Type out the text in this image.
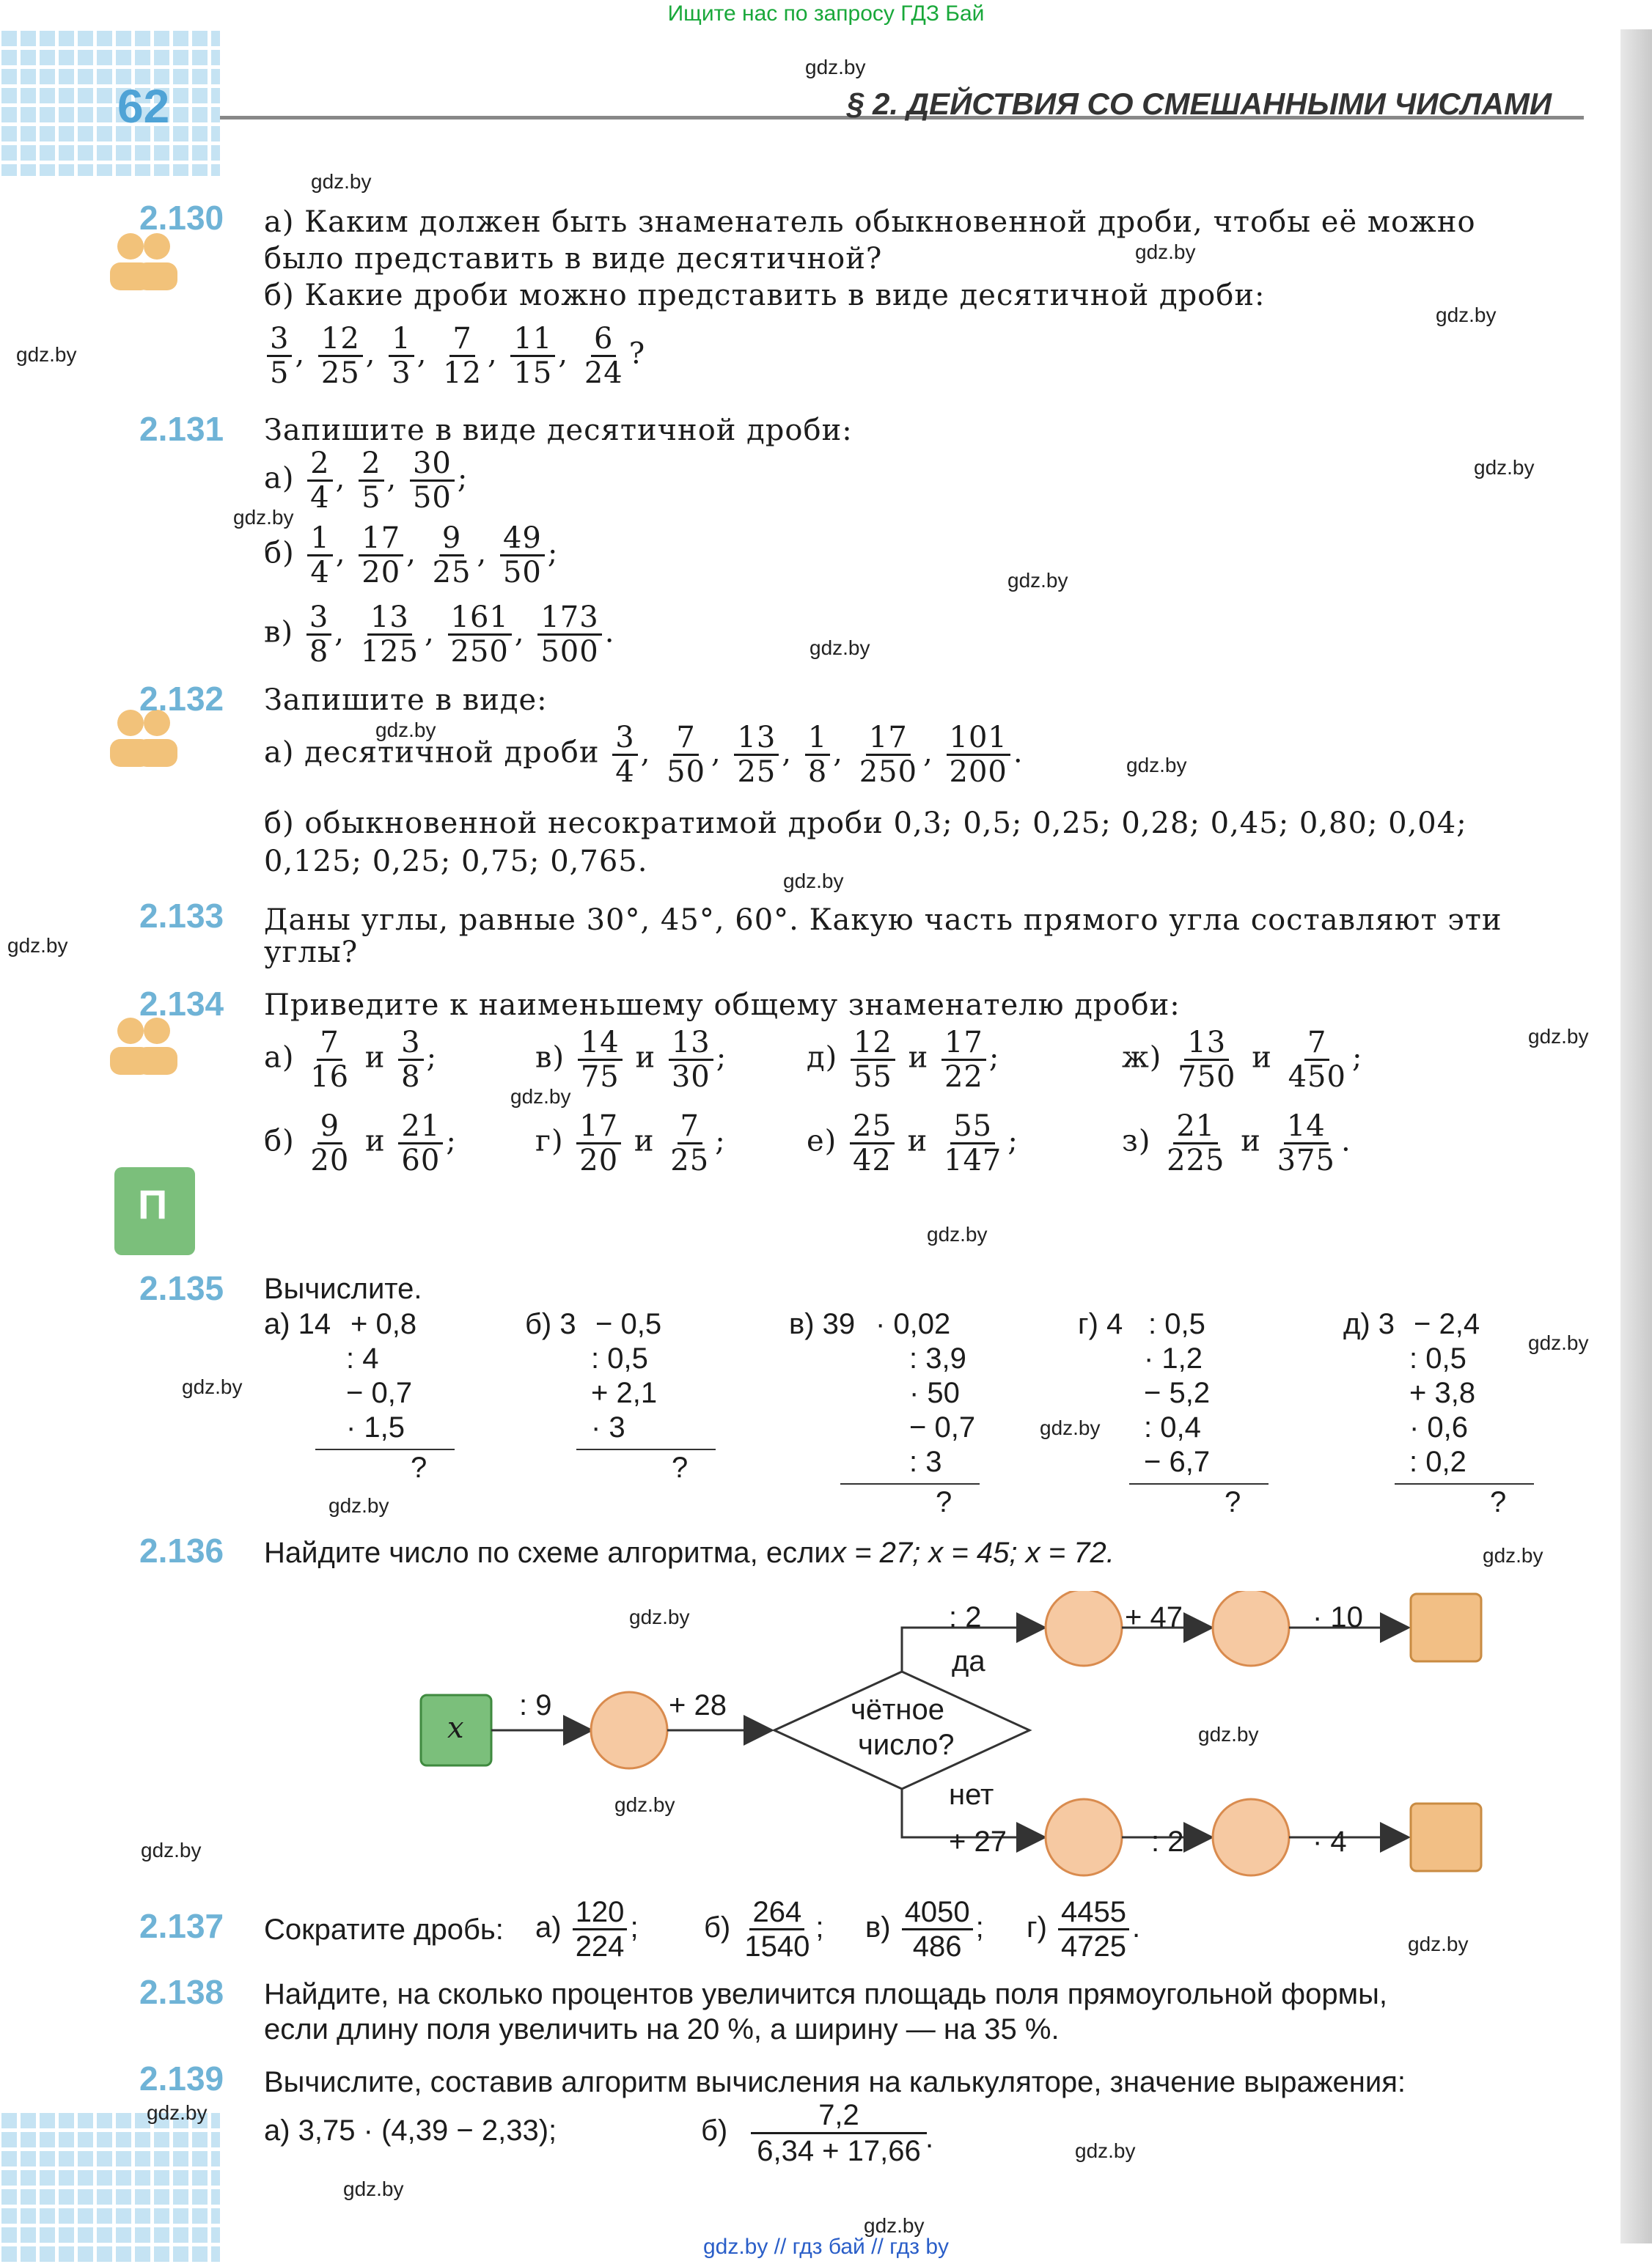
Ищите нас по запросу ГДЗ Бай
gdz.by // гдз бай // гдз by
62	§ 2. ДЕЙСТВИЯ СО СМЕШАННЫМИ ЧИСЛАМИ
gdz.by
gdz.by
gdz.by
gdz.by
gdz.by
gdz.by
gdz.by
gdz.by
gdz.by
gdz.by
gdz.by
gdz.by
gdz.by
gdz.by
gdz.by
gdz.by
gdz.by
gdz.by
gdz.by
gdz.by
gdz.by
gdz.by
gdz.by
gdz.by
gdz.by
gdz.by
gdz.by
gdz.by
gdz.by
gdz.by
П
2.130 а) Каким должен быть знаменатель обыкновенной дроби, чтобы её можно
было представить в виде десятичной?
б) Какие дроби можно представить в виде десятичной дроби:
$\frac{3}{5}$ , $\frac{12}{25}$ , $\frac{1}{3}$ , $\frac{7}{12}$ , $\frac{11}{15}$ , $\frac{6}{24}$ ?
2.131 Запишите в виде десятичной дроби:
$а) \frac{2}{4}$ , $\frac{2}{5}$ , $\frac{30}{50}$ ;
$б) \frac{1}{4}$ , $\frac{17}{20}$ , $\frac{9}{25}$ , $\frac{49}{50}$ ;
$в) \frac{3}{8}$ , $\frac{13}{125}$ , $\frac{161}{250}$ , $\frac{173}{500}$ .
2.132 Запишите в виде:
а) десятичной дроби $\frac{3}{4}$ , $\frac{7}{50}$ , $\frac{13}{25}$ , $\frac{1}{8}$ , $\frac{17}{250}$ , $\frac{101}{200}$ .
б) обыкновенной несократимой дроби 0,3; 0,5; 0,25; 0,28; 0,45; 0,80; 0,04;
0,125; 0,25; 0,75; 0,765.
2.133 Даны углы, равные 30°, 45°, 60°. Какую часть прямого угла составляют эти
углы?
2.134 Приведите к наименьшему общему знаменателю дроби:
$а) \frac{7}{16}$ и $\frac{3}{8}$ ;	$в) \frac{14}{75}$ и $\frac{13}{30}$ ;	$д) \frac{12}{55}$ и $\frac{17}{22}$ ;	$ж) \frac{13}{750}$ и $\frac{7}{450}$ ;
$б) \frac{9}{20}$ и $\frac{21}{60}$ ;	$г) \frac{17}{20}$ и $\frac{7}{25}$ ;	$е) \frac{25}{42}$ и $\frac{55}{147}$ ;	$з) \frac{21}{225}$ и $\frac{14}{375}$ .
2.135 Вычислите.
а) 14 + 0,8
: 4
− 0,7
· 1,5
?
б) 3 − 0,5
: 0,5
+ 2,1
· 3
?
в) 39 · 0,02
: 3,9
· 50
− 0,7
: 3
?
г) 4 : 0,5
· 1,2
− 5,2
: 0,4
− 6,7
?
д) 3 − 2,4
: 0,5
+ 3,8
· 0,6
: 0,2
?
2.136 Найдите число по схеме алгоритма, если x = 27; x = 45; x = 72.
x
: 9	+ 28	чётное
число?
да
нет
: 2	+ 47	· 10
+ 27	: 2	· 4
2.137 Сократите дробь: $а) \frac{120}{224}$ ; $б) \frac{264}{1540}$ ; $в) \frac{4050}{486}$ ; $г) \frac{4455}{4725}$ .
2.138 Найдите, на сколько процентов увеличится площадь поля прямоугольной формы,
если длину поля увеличить на 20 %, а ширину — на 35 %.
2.139 Вычислите, составив алгоритм вычисления на калькуляторе, значение выражения:
а) 3,75 · (4,39 − 2,33);	$б) \frac{7,2}{6,34 + 17,66}$
.
